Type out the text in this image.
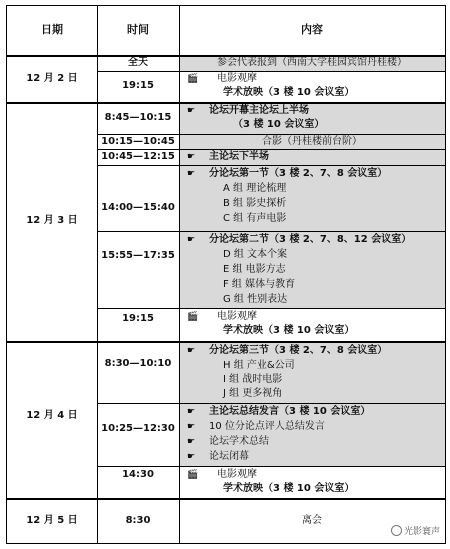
日期	时间	内容
12 月 2 日
12 月 3 日
12 月 4 日
12 月 5 日
全天
19:15
8:45—10:15
10:15—10:45
10:45—12:15
14:00—15:40
15:55—17:35
19:15
8:30—10:10
10:25—12:30
14:30
8:30
参会代表报到（西南大学桂园宾馆丹桂楼）
🎬 电影观摩
学术放映（3 楼 10 会议室）
☛ 论坛开幕主论坛上半场
（3 楼 10 会议室）
合影（丹桂楼前台阶）
☛ 主论坛下半场
☛ 分论坛第一节（3 楼 2、7、8 会议室）
A 组 理论梳理
B 组 影史探析
C 组 有声电影
☛ 分论坛第二节（3 楼 2、7、8、12 会议室）
D 组 文本个案
E 组 电影方志
F 组 媒体与教育
G 组 性别表达
🎬 电影观摩
学术放映（3 楼 10 会议室）
☛ 分论坛第三节（3 楼 2、7、8 会议室）
H 组 产业&公司
I 组 战时电影
J 组 更多视角
☛ 主论坛总结发言（3 楼 10 会议室）
☛ 10 位分论点评人总结发言
☛ 论坛学术总结
☛ 论坛闭幕
🎬 电影观摩
学术放映（3 楼 10 会议室）
离会
光影寰声
